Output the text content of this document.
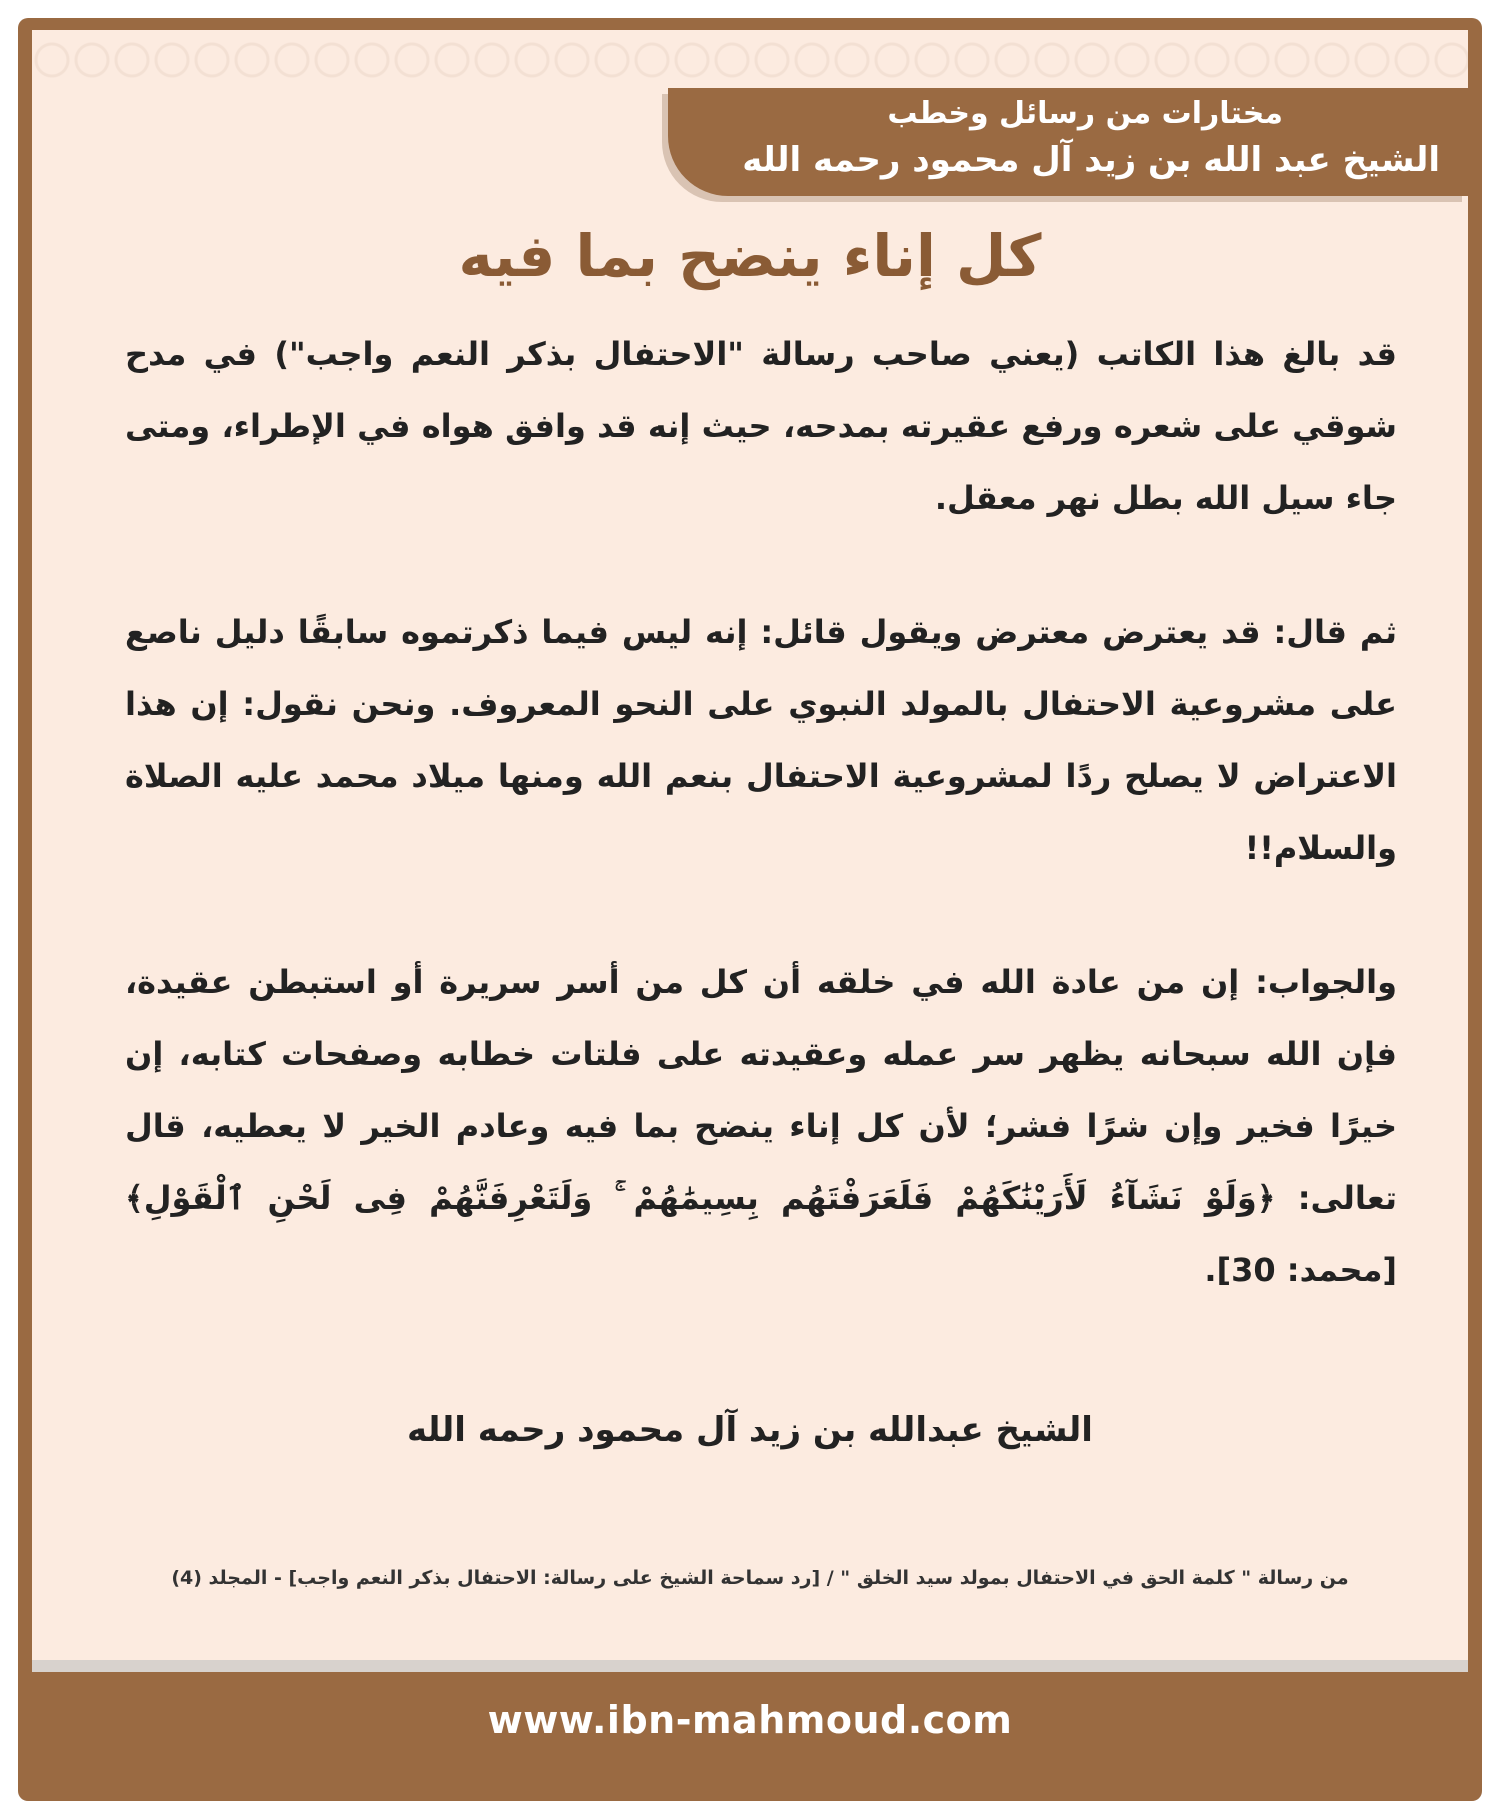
مختارات من رسائل وخطب
الشيخ عبد الله بن زيد آل محمود رحمه الله
كل إناء ينضح بما فيه

قد بالغ هذا الكاتب (يعني صاحب رسالة "الاحتفال بذكر النعم واجب") في مدح شوقي على شعره ورفع عقيرته بمدحه، حيث إنه قد وافق هواه في الإطراء، ومتى جاء سيل الله بطل نهر معقل.

ثم قال: قد يعترض معترض ويقول قائل: إنه ليس فيما ذكرتموه سابقًا دليل ناصع على مشروعية الاحتفال بالمولد النبوي على النحو المعروف. ونحن نقول: إن هذا الاعتراض لا يصلح ردًا لمشروعية الاحتفال بنعم الله ومنها ميلاد محمد عليه الصلاة والسلام!!

والجواب: إن من عادة الله في خلقه أن كل من أسر سريرة أو استبطن عقيدة، فإن الله سبحانه يظهر سر عمله وعقيدته على فلتات خطابه وصفحات كتابه، إن خيرًا فخير وإن شرًا فشر؛ لأن كل إناء ينضح بما فيه وعادم الخير لا يعطيه، قال تعالى: ﴿وَلَوْ نَشَآءُ لَأَرَيْنَٰكَهُمْ فَلَعَرَفْتَهُم بِسِيمَٰهُمْ ۚ وَلَتَعْرِفَنَّهُمْ فِى لَحْنِ ٱلْقَوْلِ﴾ [محمد: 30].

الشيخ عبدالله بن زيد آل محمود رحمه الله
من رسالة " كلمة الحق في الاحتفال بمولد سيد الخلق " / [رد سماحة الشيخ على رسالة: الاحتفال بذكر النعم واجب] - المجلد (4)
www.ibn-mahmoud.com
